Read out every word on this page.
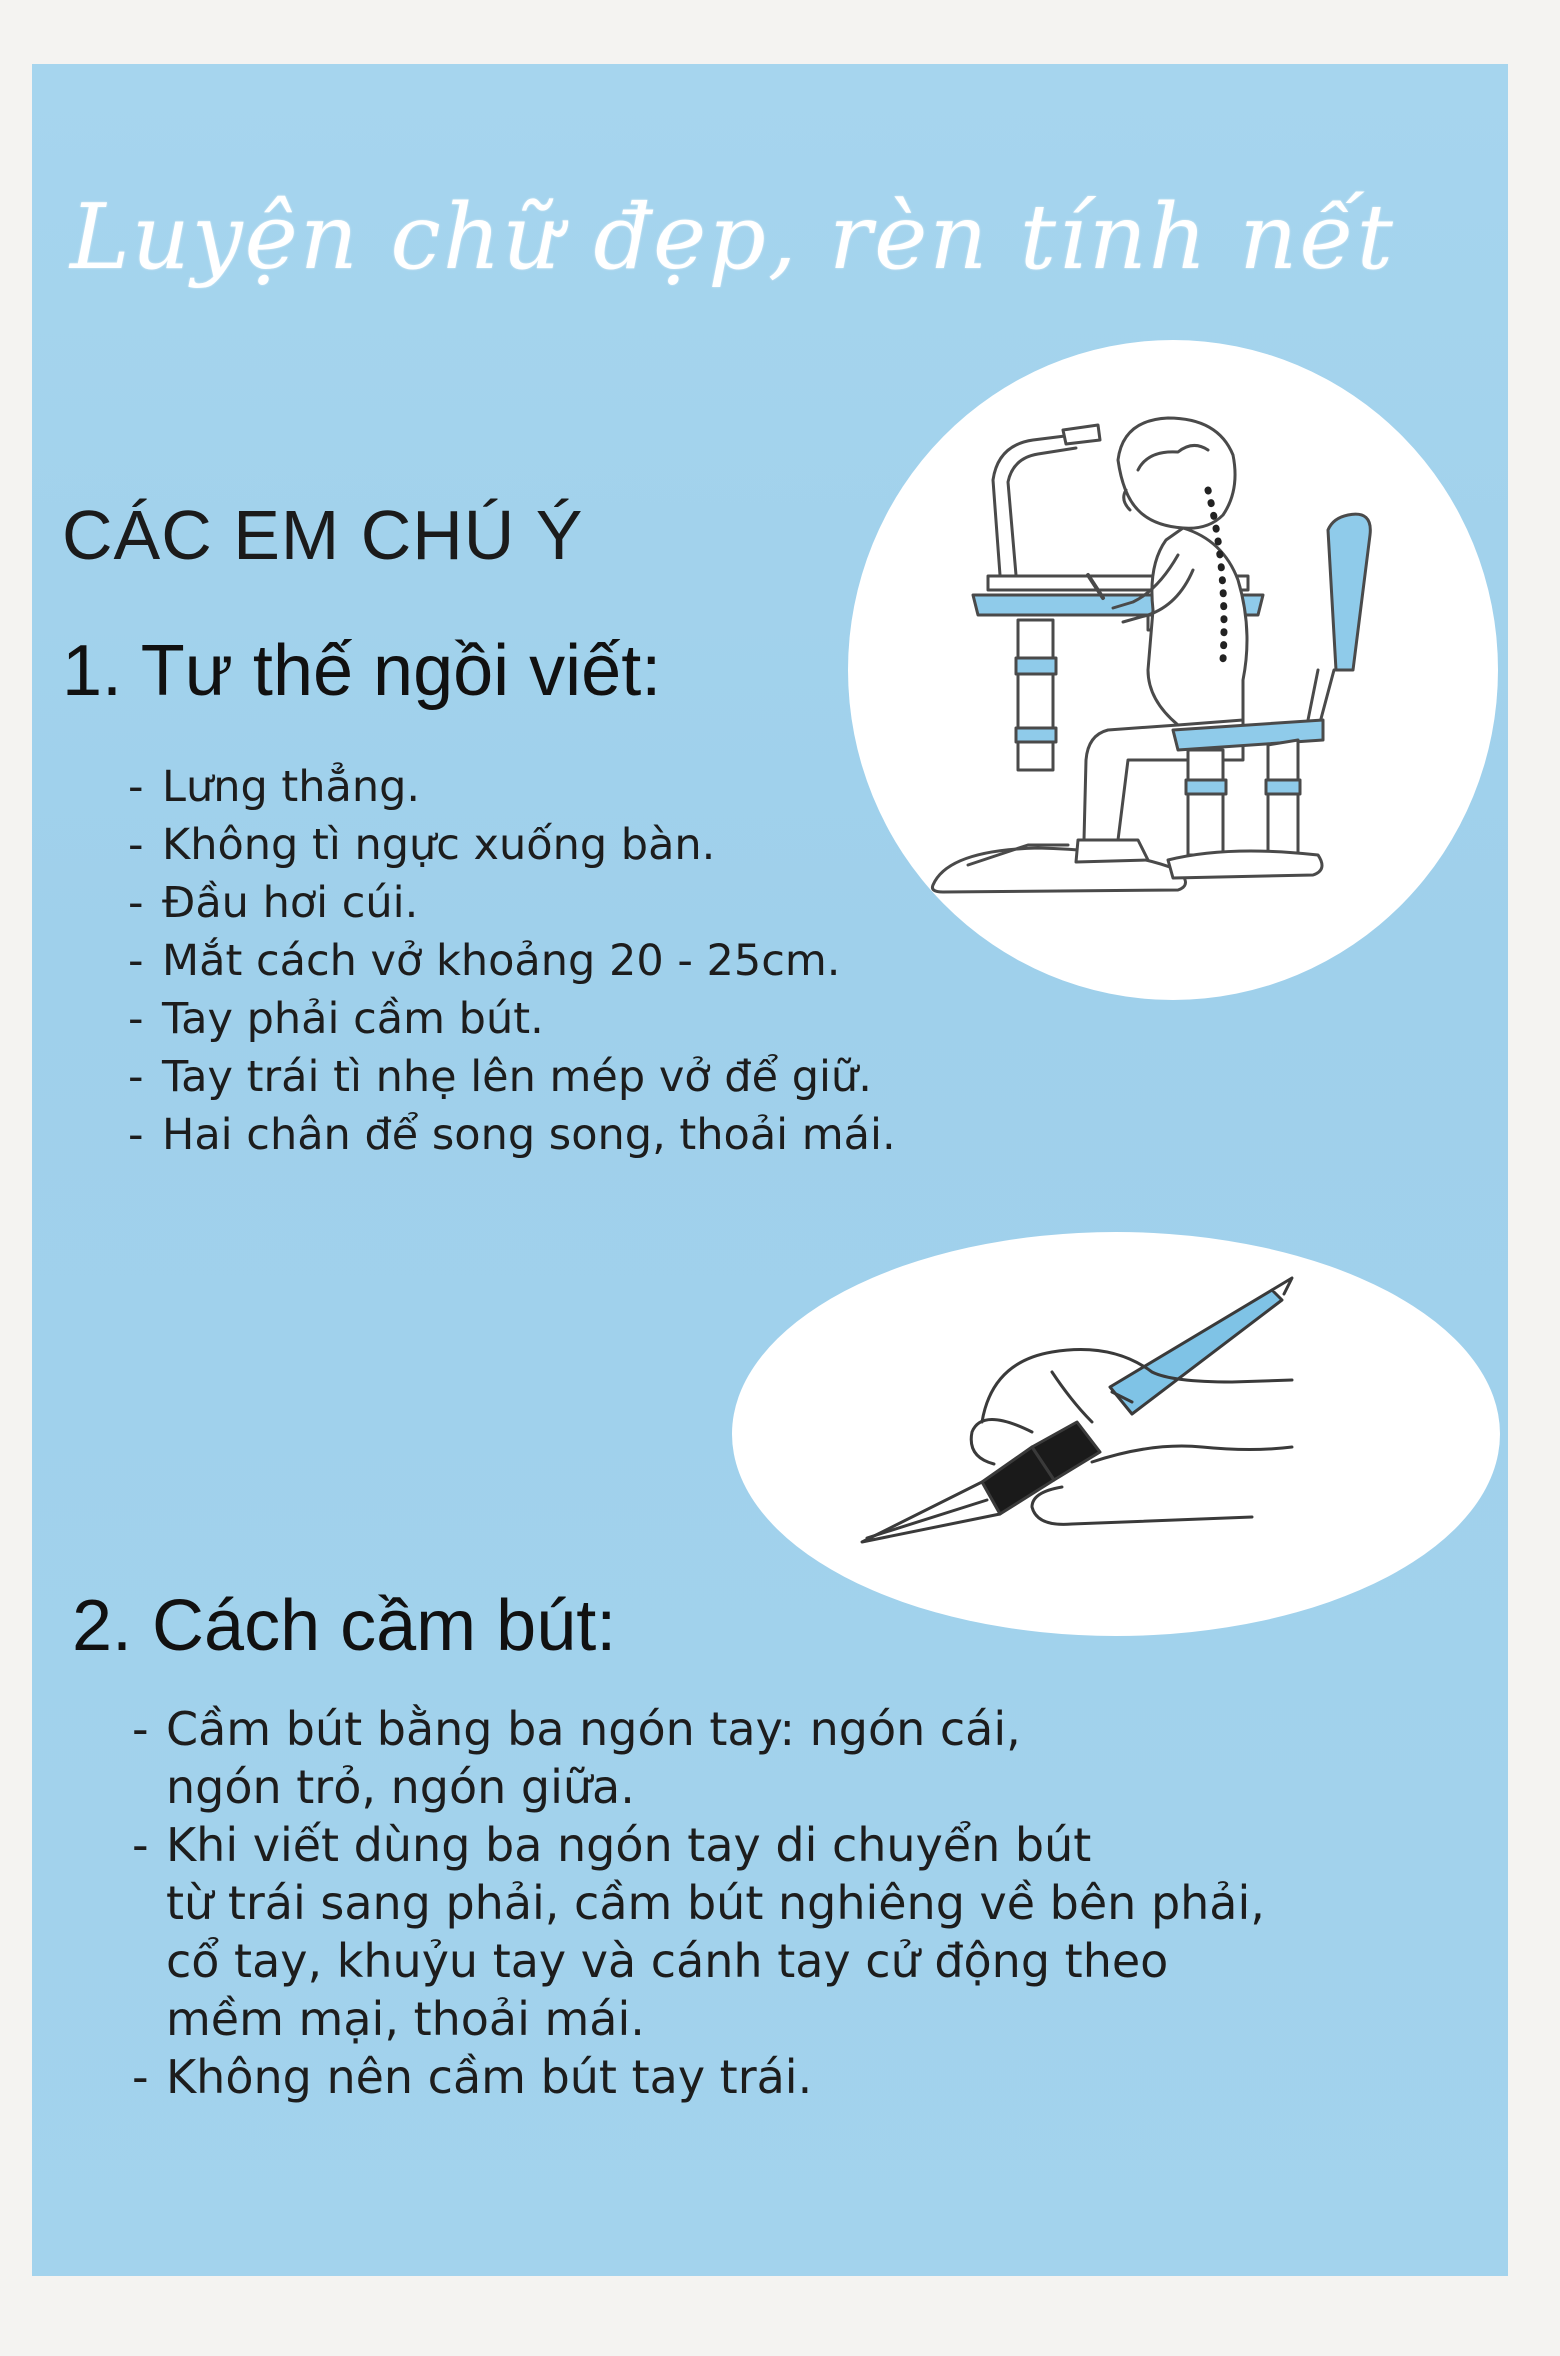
Luyện chữ đẹp, rèn tính nết
CÁC EM CHÚ Ý
1. Tư thế ngồi viết:
- Lưng thẳng.
- Không tì ngực xuống bàn.
- Đầu hơi cúi.
- Mắt cách vở khoảng 20 - 25cm.
- Tay phải cầm bút.
- Tay trái tì nhẹ lên mép vở để giữ.
- Hai chân để song song, thoải mái.
2. Cách cầm bút:
- Cầm bút bằng ba ngón tay: ngón cái,
ngón trỏ, ngón giữa.
- Khi viết dùng ba ngón tay di chuyển bút
từ trái sang phải, cầm bút nghiêng về bên phải,
cổ tay, khuỷu tay và cánh tay cử động theo
mềm mại, thoải mái.
- Không nên cầm bút tay trái.
